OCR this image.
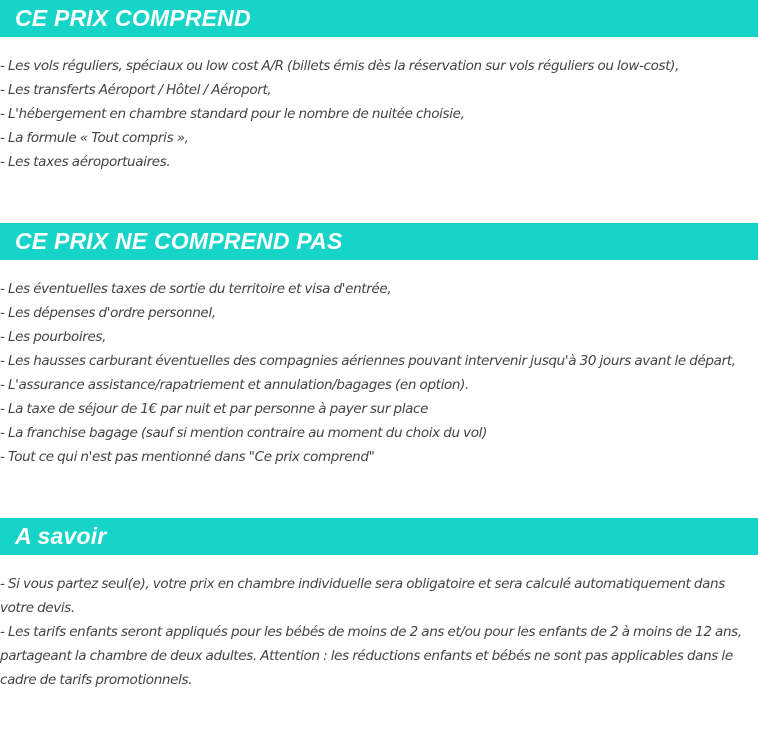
CE PRIX COMPREND
- Les vols réguliers, spéciaux ou low cost A/R (billets émis dès la réservation sur vols réguliers ou low-cost),
- Les transferts Aéroport / Hôtel / Aéroport,
- L'hébergement en chambre standard pour le nombre de nuitée choisie,
- La formule « Tout compris »,
- Les taxes aéroportuaires.
CE PRIX NE COMPREND PAS
- Les éventuelles taxes de sortie du territoire et visa d'entrée,
- Les dépenses d'ordre personnel,
- Les pourboires,
- Les hausses carburant éventuelles des compagnies aériennes pouvant intervenir jusqu'à 30 jours avant le départ,
- L'assurance assistance/rapatriement et annulation/bagages (en option).
- La taxe de séjour de 1€ par nuit et par personne à payer sur place
- La franchise bagage (sauf si mention contraire au moment du choix du vol)
- Tout ce qui n'est pas mentionné dans "Ce prix comprend"
A savoir
- Si vous partez seul(e), votre prix en chambre individuelle sera obligatoire et sera calculé automatiquement dans votre devis.
- Les tarifs enfants seront appliqués pour les bébés de moins de 2 ans et/ou pour les enfants de 2 à moins de 12 ans, partageant la chambre de deux adultes. Attention : les réductions enfants et bébés ne sont pas applicables dans le cadre de tarifs promotionnels.
